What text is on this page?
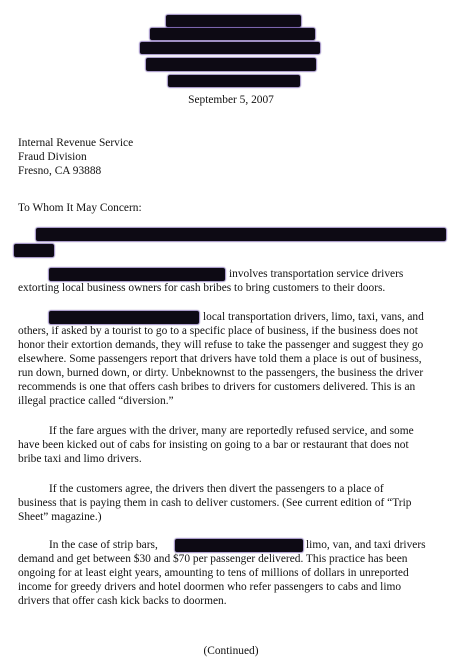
September 5, 2007

Internal Revenue Service

Fraud Division

Fresno, CA 93888

To Whom It May Concern:

involves transportation service drivers

extorting local business owners for cash bribes to bring customers to their doors.

local transportation drivers, limo, taxi, vans, and

others, if asked by a tourist to go to a specific place of business, if the business does not

honor their extortion demands, they will refuse to take the passenger and suggest they go

elsewhere. Some passengers report that drivers have told them a place is out of business,

run down, burned down, or dirty. Unbeknownst to the passengers, the business the driver

recommends is one that offers cash bribes to drivers for customers delivered. This is an

illegal practice called “diversion.”

If the fare argues with the driver, many are reportedly refused service, and some

have been kicked out of cabs for insisting on going to a bar or restaurant that does not

bribe taxi and limo drivers.

If the customers agree, the drivers then divert the passengers to a place of

business that is paying them in cash to deliver customers. (See current edition of “Trip

Sheet” magazine.)

In the case of strip bars,	limo, van, and taxi drivers

demand and get between $30 and $70 per passenger delivered. This practice has been

ongoing for at least eight years, amounting to tens of millions of dollars in unreported

income for greedy drivers and hotel doormen who refer passengers to cabs and limo

drivers that offer cash kick backs to doormen.

(Continued)
